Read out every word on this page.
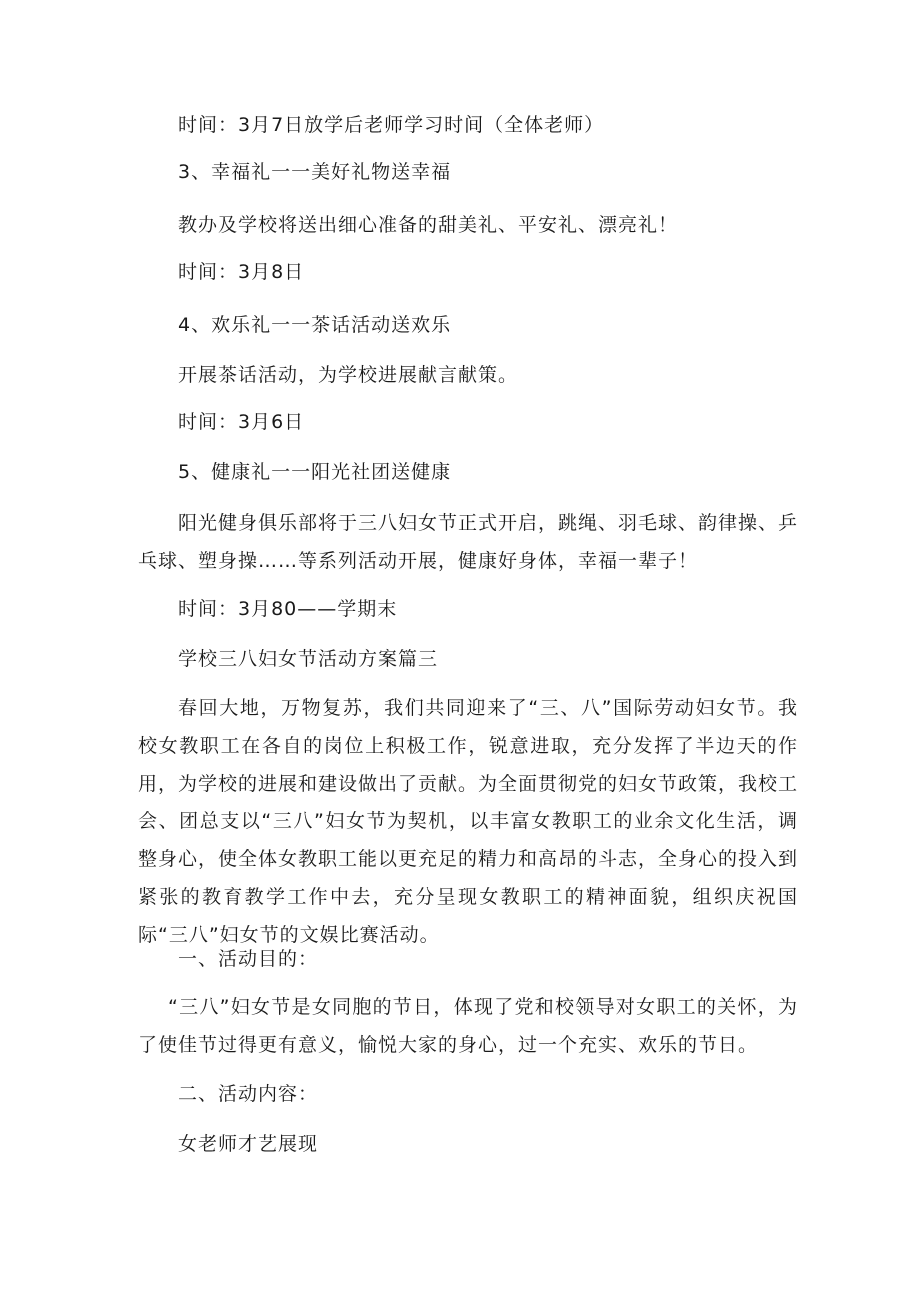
时间：3月7日放学后老师学习时间（全体老师）
3、幸福礼一一美好礼物送幸福
教办及学校将送出细心准备的甜美礼、平安礼、漂亮礼！
时间：3月8日
4、欢乐礼一一茶话活动送欢乐
开展茶话活动，为学校进展献言献策。
时间：3月6日
5、健康礼一一阳光社团送健康
阳光健身俱乐部将于三八妇女节正式开启，跳绳、羽毛球、韵律操、乒乓球、塑身操……等系列活动开展，健康好身体，幸福一辈子！
时间：3月80——学期末
学校三八妇女节活动方案篇三
春回大地，万物复苏，我们共同迎来了“三、八”国际劳动妇女节。我校女教职工在各自的岗位上积极工作，锐意进取，充分发挥了半边天的作用，为学校的进展和建设做出了贡献。为全面贯彻党的妇女节政策，我校工会、团总支以“三八”妇女节为契机，以丰富女教职工的业余文化生活，调整身心，使全体女教职工能以更充足的精力和高昂的斗志，全身心的投入到紧张的教育教学工作中去，充分呈现女教职工的精神面貌，组织庆祝国际“三八”妇女节的文娱比赛活动。
一、活动目的：
“三八”妇女节是女同胞的节日，体现了党和校领导对女职工的关怀，为了使佳节过得更有意义，愉悦大家的身心，过一个充实、欢乐的节日。
二、活动内容：
女老师才艺展现
